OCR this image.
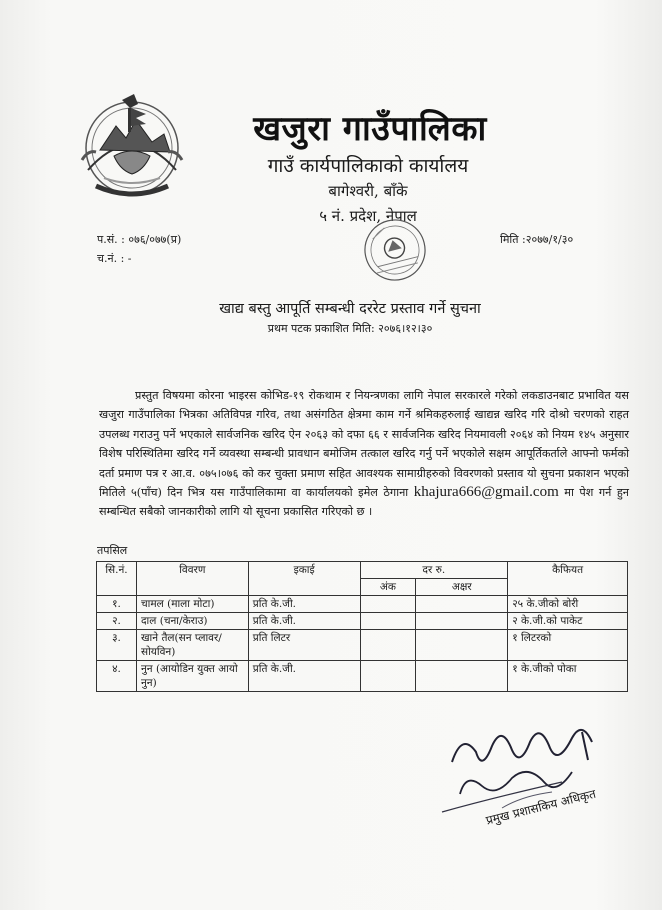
खजुरा गाउँपालिका
गाउँ कार्यपालिकाको कार्यालय
बागेश्वरी, बाँके
५ नं. प्रदेश, नेपाल
प.सं. : ०७६/०७७(प्र)
च.नं. : -
मिति :२०७७/१/३०
खाद्य बस्तु आपूर्ति सम्बन्धी दररेट प्रस्ताव गर्ने सुचना
प्रथम पटक प्रकाशित मिति: २०७६।१२।३०
प्रस्तुत विषयमा कोरना भाइरस कोभिड-१९ रोकथाम र नियन्त्रणका लागि नेपाल सरकारले गरेको लकडाउनबाट प्रभावित यस खजुरा गाउँपालिका भित्रका अतिविपन्न गरिव, तथा असंगठित क्षेत्रमा काम गर्ने श्रमिकहरुलाई खाद्यन्न खरिद गरि दोश्रो चरणको राहत उपलब्ध गराउनु पर्ने भएकाले सार्वजनिक खरिद ऐन २०६३ को दफा ६६ र सार्वजनिक खरिद नियमावली २०६४ को नियम १४५ अनुसार विशेष परिस्थितिमा खरिद गर्ने व्यवस्था सम्बन्धी प्रावधान बमोजिम तत्काल खरिद गर्नु पर्ने भएकोले सक्षम आपूर्तिकर्ताले आफ्नो फर्मको दर्ता प्रमाण पत्र र आ.व. ०७५।०७६ को कर चुक्ता प्रमाण सहित आवश्यक सामाग्रीहरुको विवरणको प्रस्ताव यो सुचना प्रकाशन भएको मितिले ५(पाँच) दिन भित्र यस गाउँपालिकामा वा कार्यालयको इमेल ठेगाना khajura666@gmail.com मा पेश गर्न हुन सम्बन्धित सबैको जानकारीको लागि यो सूचना प्रकासित गरिएको छ ।
तपसिल
सि.नं.	विवरण	इकाई	दर रु.		कैफियत
			अंक	अक्षर	
१.	चामल (माला मोटा)	प्रति के.जी.			२५ के.जीको बोरी
२.	दाल (चना/केराउ)	प्रति के.जी.			२ के.जी.को पाकेट
३.	खाने तैल(सन प्लावर/सोयविन)	प्रति लिटर			१ लिटरको
४.	नुन (आयोडिन युक्त आयो नुन)	प्रति के.जी.			१ के.जीको पोका
प्रमुख प्रशासकिय अधिकृत
